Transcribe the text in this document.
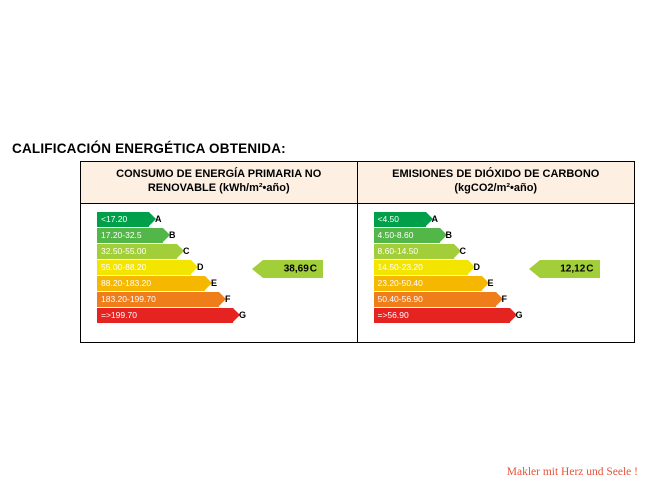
CALIFICACIÓN ENERGÉTICA OBTENIDA:
CONSUMO DE ENERGÍA PRIMARIA NO RENOVABLE (kWh/m²•año)
<17.20	A
17.20-32.5	B
32.50-55.00	C
55.00-88.20	D
88.20-183.20	E
183.20-199.70	F
=>199.70	G
38,69C
EMISIONES DE DIÓXIDO DE CARBONO (kgCO2/m²•año)
<4.50	A
4.50-8.60	B
8.60-14.50	C
14.50-23.20	D
23.20-50.40	E
50.40-56.90	F
=>56.90	G
12,12C
Makler mit Herz und Seele !
